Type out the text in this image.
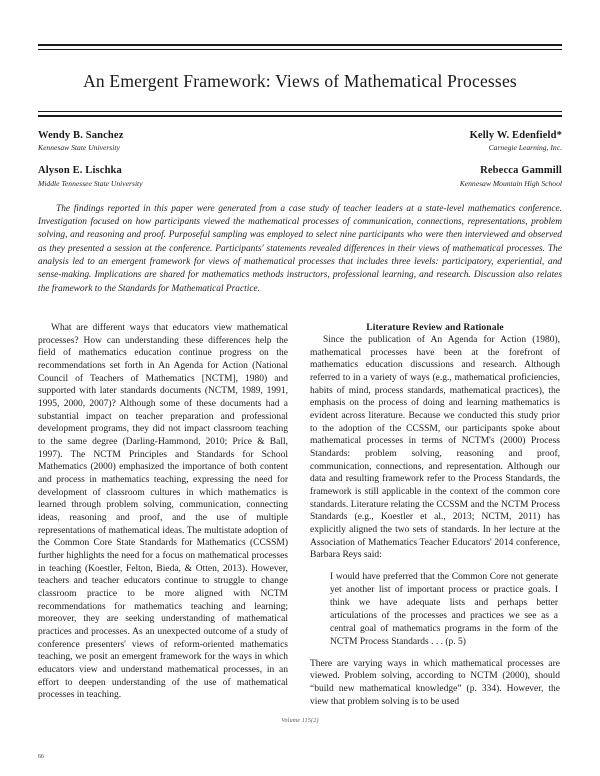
An Emergent Framework: Views of Mathematical Processes
Wendy B. Sanchez
Kennesaw State University
Kelly W. Edenfield*
Carnegie Learning, Inc.
Alyson E. Lischka
Middle Tennessee State University
Rebecca Gammill
Kennesaw Mountain High School
The findings reported in this paper were generated from a case study of teacher leaders at a state-level mathematics conference. Investigation focused on how participants viewed the mathematical processes of communication, connections, representations, problem solving, and reasoning and proof. Purposeful sampling was employed to select nine participants who were then interviewed and observed as they presented a session at the conference. Participants' statements revealed differences in their views of mathematical processes. The analysis led to an emergent framework for views of mathematical processes that includes three levels: participatory, experiential, and sense-making. Implications are shared for mathematics methods instructors, professional learning, and research. Discussion also relates the framework to the Standards for Mathematical Practice.

What are different ways that educators view mathematical processes? How can understanding these differences help the field of mathematics education continue progress on the recommendations set forth in An Agenda for Action (National Council of Teachers of Mathematics [NCTM], 1980) and supported with later standards documents (NCTM, 1989, 1991, 1995, 2000, 2007)? Although some of these documents had a substantial impact on teacher preparation and professional development programs, they did not impact classroom teaching to the same degree (Darling-Hammond, 2010; Price & Ball, 1997). The NCTM Principles and Standards for School Mathematics (2000) emphasized the importance of both content and process in mathematics teaching, expressing the need for development of classroom cultures in which mathematics is learned through problem solving, communication, connecting ideas, reasoning and proof, and the use of multiple representations of mathematical ideas. The multistate adoption of the Common Core State Standards for Mathematics (CCSSM) further highlights the need for a focus on mathematical processes in teaching (Koestler, Felton, Bieda, & Otten, 2013). However, teachers and teacher educators continue to struggle to change classroom practice to be more aligned with NCTM recommendations for mathematics teaching and learning; moreover, they are seeking understanding of mathematical practices and processes. As an unexpected outcome of a study of conference presenters' views of reform-oriented mathematics teaching, we posit an emergent framework for the ways in which educators view and understand mathematical processes, in an effort to deepen understanding of the use of mathematical processes in teaching.

Literature Review and Rationale

Since the publication of An Agenda for Action (1980), mathematical processes have been at the forefront of mathematics education discussions and research. Although referred to in a variety of ways (e.g., mathematical proficiencies, habits of mind, process standards, mathematical practices), the emphasis on the process of doing and learning mathematics is evident across literature. Because we conducted this study prior to the adoption of the CCSSM, our participants spoke about mathematical processes in terms of NCTM's (2000) Process Standards: problem solving, reasoning and proof, communication, connections, and representation. Although our data and resulting framework refer to the Process Standards, the framework is still applicable in the context of the common core standards. Literature relating the CCSSM and the NCTM Process Standards (e.g., Koestler et al., 2013; NCTM, 2011) has explicitly aligned the two sets of standards. In her lecture at the Association of Mathematics Teacher Educators' 2014 conference, Barbara Reys said:

I would have preferred that the Common Core not generate yet another list of important process or practice goals. I think we have adequate lists and perhaps better articulations of the processes and practices we see as a central goal of mathematics programs in the form of the NCTM Process Standards . . . (p. 5)

There are varying ways in which mathematical processes are viewed. Problem solving, according to NCTM (2000), should “build new mathematical knowledge” (p. 334). However, the view that problem solving is to be used

Volume 115(2)
66
